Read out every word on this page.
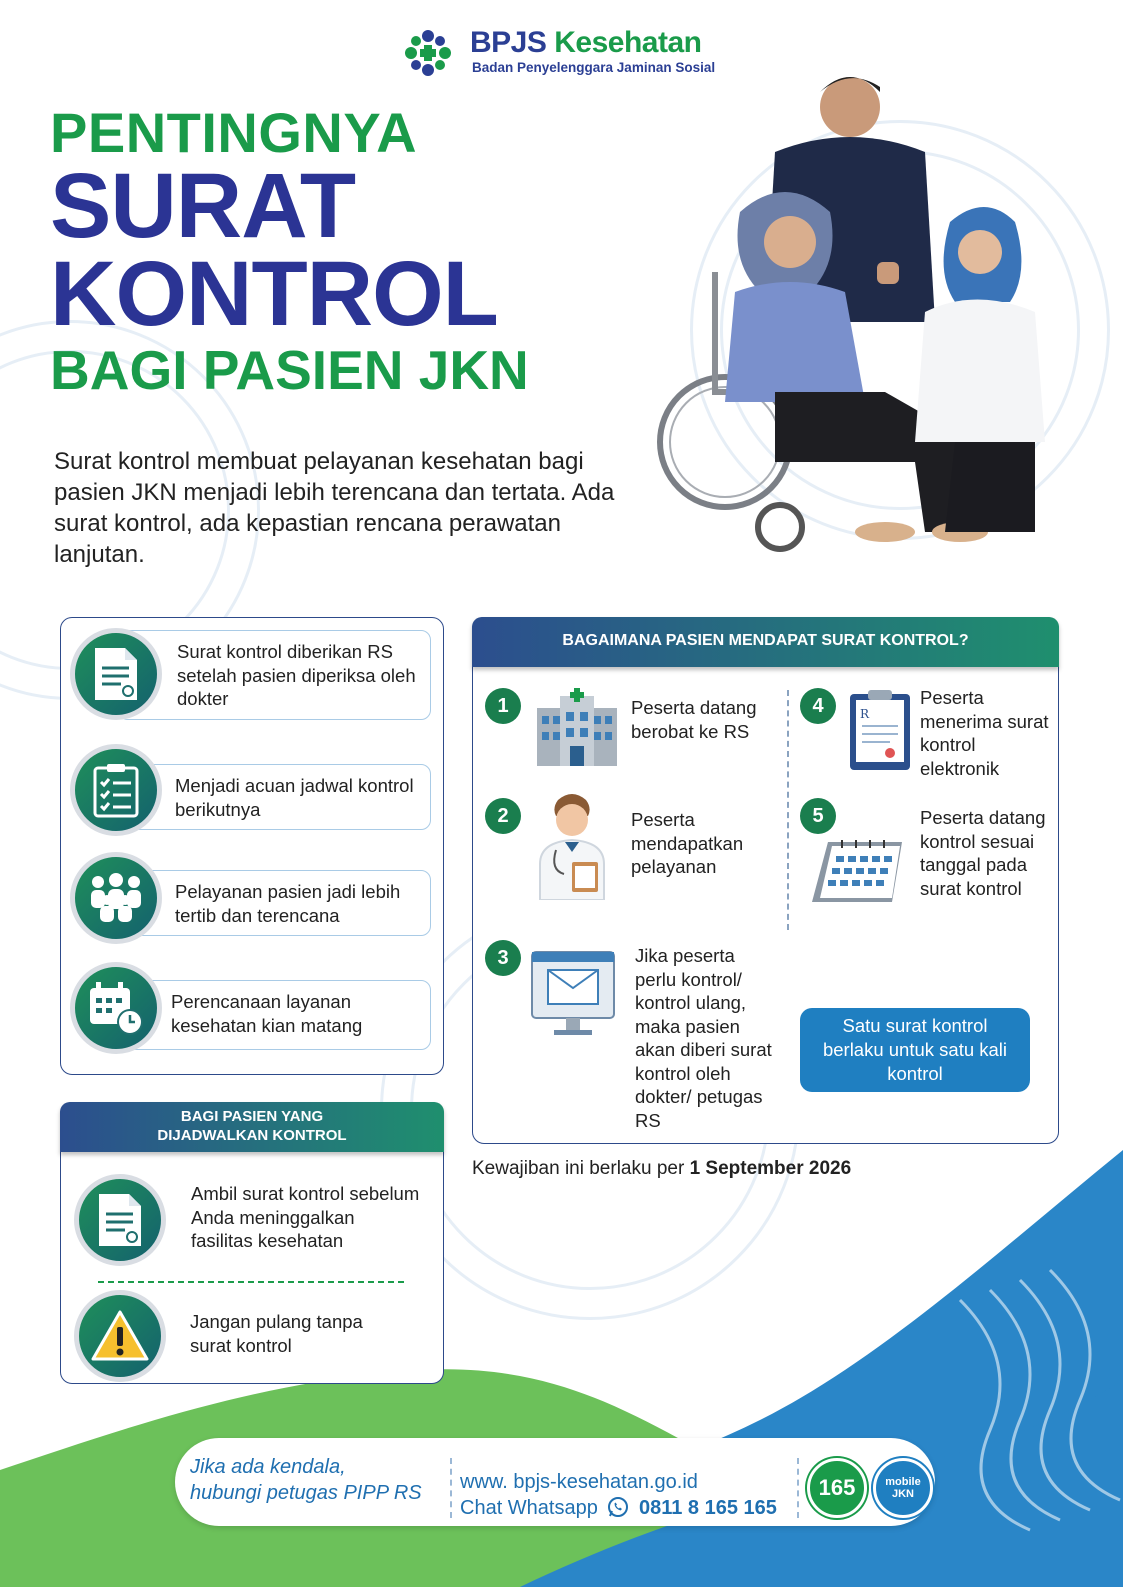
BPJS Kesehatan
Badan Penyelenggara Jaminan Sosial
PENTINGNYA
SURAT
KONTROL
BAGI PASIEN JKN
Surat kontrol membuat pelayanan kesehatan bagi pasien JKN menjadi lebih terencana dan tertata. Ada surat kontrol, ada kepastian rencana perawatan lanjutan.
Surat kontrol diberikan RS setelah pasien diperiksa oleh dokter
Menjadi acuan jadwal kontrol berikutnya
Pelayanan pasien jadi lebih tertib dan terencana
Perencanaan layanan kesehatan kian matang
BAGI PASIEN YANG
DIJADWALKAN KONTROL
Ambil surat kontrol sebelum Anda meninggalkan fasilitas kesehatan
Jangan pulang tanpa surat kontrol
BAGAIMANA PASIEN MENDAPAT SURAT KONTROL?
1	Peserta datang berobat ke RS
2	Peserta mendapatkan pelayanan
3	Jika peserta perlu kontrol/ kontrol ulang, maka pasien akan diberi surat kontrol oleh dokter/ petugas RS
4	R
Peserta menerima surat kontrol elektronik
5	Peserta datang kontrol sesuai tanggal pada surat kontrol
Satu surat kontrol berlaku untuk satu kali kontrol
Kewajiban ini berlaku per 1 September 2026
Jika ada kendala,
hubungi petugas PIPP RS www. bpjs-kesehatan.go.id
Chat Whatsapp 0811 8 165 165
165	mobile JKN
